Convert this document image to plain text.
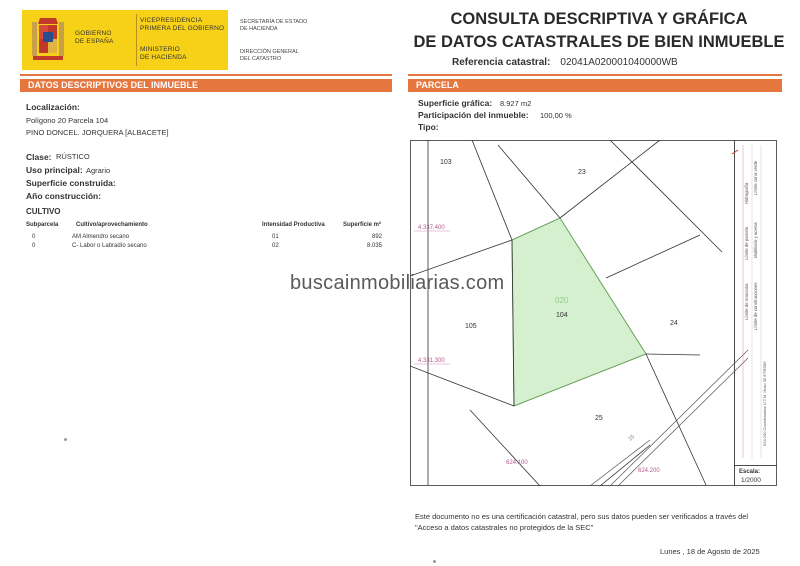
GOBIERNO
DE ESPAÑA
VICEPRESIDENCIA
PRIMERA DEL GOBIERNO
MINISTERIO
DE HACIENDA
SECRETARÍA DE ESTADO
DE HACIENDA
DIRECCIÓN GENERAL
DEL CATASTRO
CONSULTA DESCRIPTIVA Y GRÁFICA
DE DATOS CATASTRALES DE BIEN INMUEBLE
Referencia catastral: 02041A020001040000WB
DATOS DESCRIPTIVOS DEL INMUEBLE	PARCELA
Localización:
Polígono 20 Parcela 104
PINO DONCEL. JORQUERA [ALBACETE]
Clase: RÚSTICO
Uso principal: Agrario
Superficie construida:
Año construcción:
CULTIVO
Subparcela	Cultivo/aprovechamiento	Intensidad Productiva	Superficie m²
0	AM Almendro secano	01	892
0	C- Labor o Labradío secano	02	8.035
Superficie gráfica: 8.927 m2
Participación del inmueble: 100,00 %
Tipo:
103
23
105	24
25
020
104
25
4.337.400
4.331.300
624.100
624.200
Hidrografía
Límite de parcela
Límite zona verde
Mobiliario y aceras
Límite de manzana Límite de construcciones
624.200 Coordenadas U.T.M. Huso 30 ETRS89
Escala:
1/2000
Este documento no es una certificación catastral, pero sus datos pueden ser verificados a través del "Acceso a datos catastrales no protegidos de la SEC"
Lunes , 18 de Agosto de 2025
buscainmobiliarias.com
